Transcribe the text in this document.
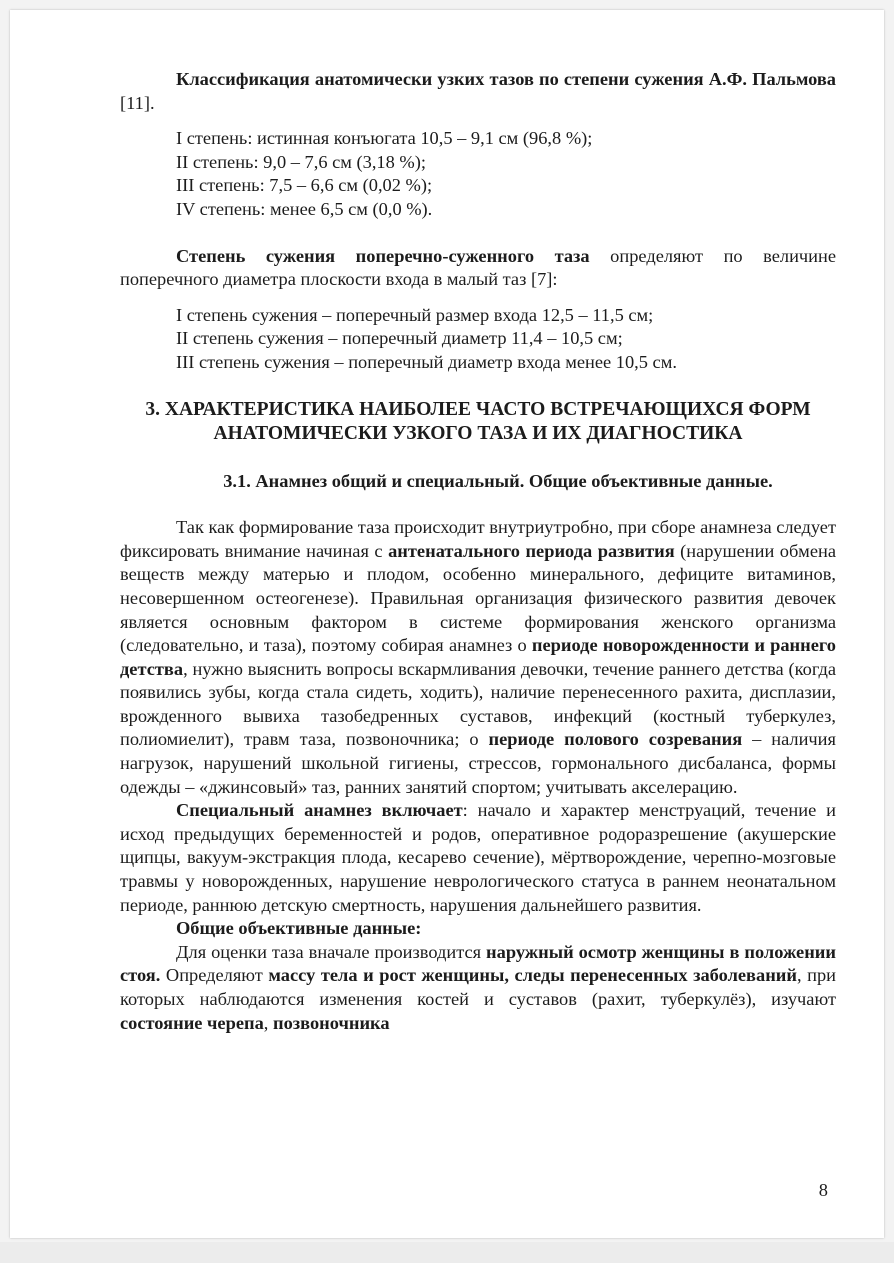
Классификация анатомически узких тазов по степени сужения А.Ф. Пальмова [11].

I степень: истинная конъюгата 10,5 – 9,1 см (96,8 %);

II степень: 9,0 – 7,6 см (3,18 %);

III степень: 7,5 – 6,6 см (0,02 %);

IV степень: менее 6,5 см (0,0 %).

Степень сужения поперечно-суженного таза определяют по величине поперечного диаметра плоскости входа в малый таз [7]:

I степень сужения – поперечный размер входа 12,5 – 11,5 см;

II степень сужения – поперечный диаметр 11,4 – 10,5 см;

III степень сужения – поперечный диаметр входа менее 10,5 см.

3. ХАРАКТЕРИСТИКА НАИБОЛЕЕ ЧАСТО ВСТРЕЧАЮЩИХСЯ ФОРМ АНАТОМИЧЕСКИ УЗКОГО ТАЗА И ИХ ДИАГНОСТИКА

3.1. Анамнез общий и специальный. Общие объективные данные.

Так как формирование таза происходит внутриутробно, при сборе анамнеза следует фиксировать внимание начиная с антенатального периода развития (нарушении обмена веществ между матерью и плодом, особенно минерального, дефиците витаминов, несовершенном остеогенезе). Правильная организация физического развития девочек является основным фактором в системе формирования женского организма (следовательно, и таза), поэтому собирая анамнез о периоде новорожденности и раннего детства, нужно выяснить вопросы вскармливания девочки, течение раннего детства (когда появились зубы, когда стала сидеть, ходить), наличие перенесенного рахита, дисплазии, врожденного вывиха тазобедренных суставов, инфекций (костный туберкулез, полиомиелит), травм таза, позвоночника; о периоде полового созревания – наличия нагрузок, нарушений школьной гигиены, стрессов, гормонального дисбаланса, формы одежды – «джинсовый» таз, ранних занятий спортом; учитывать акселерацию.

Специальный анамнез включает: начало и характер менструаций, течение и исход предыдущих беременностей и родов, оперативное родоразрешение (акушерские щипцы, вакуум-экстракция плода, кесарево сечение), мёртворождение, черепно-мозговые травмы у новорожденных, нарушение неврологического статуса в раннем неонатальном периоде, раннюю детскую смертность, нарушения дальнейшего развития.

Общие объективные данные:

Для оценки таза вначале производится наружный осмотр женщины в положении стоя. Определяют массу тела и рост женщины, следы перенесенных заболеваний, при которых наблюдаются изменения костей и суставов (рахит, туберкулёз), изучают состояние черепа, позвоночника

8
